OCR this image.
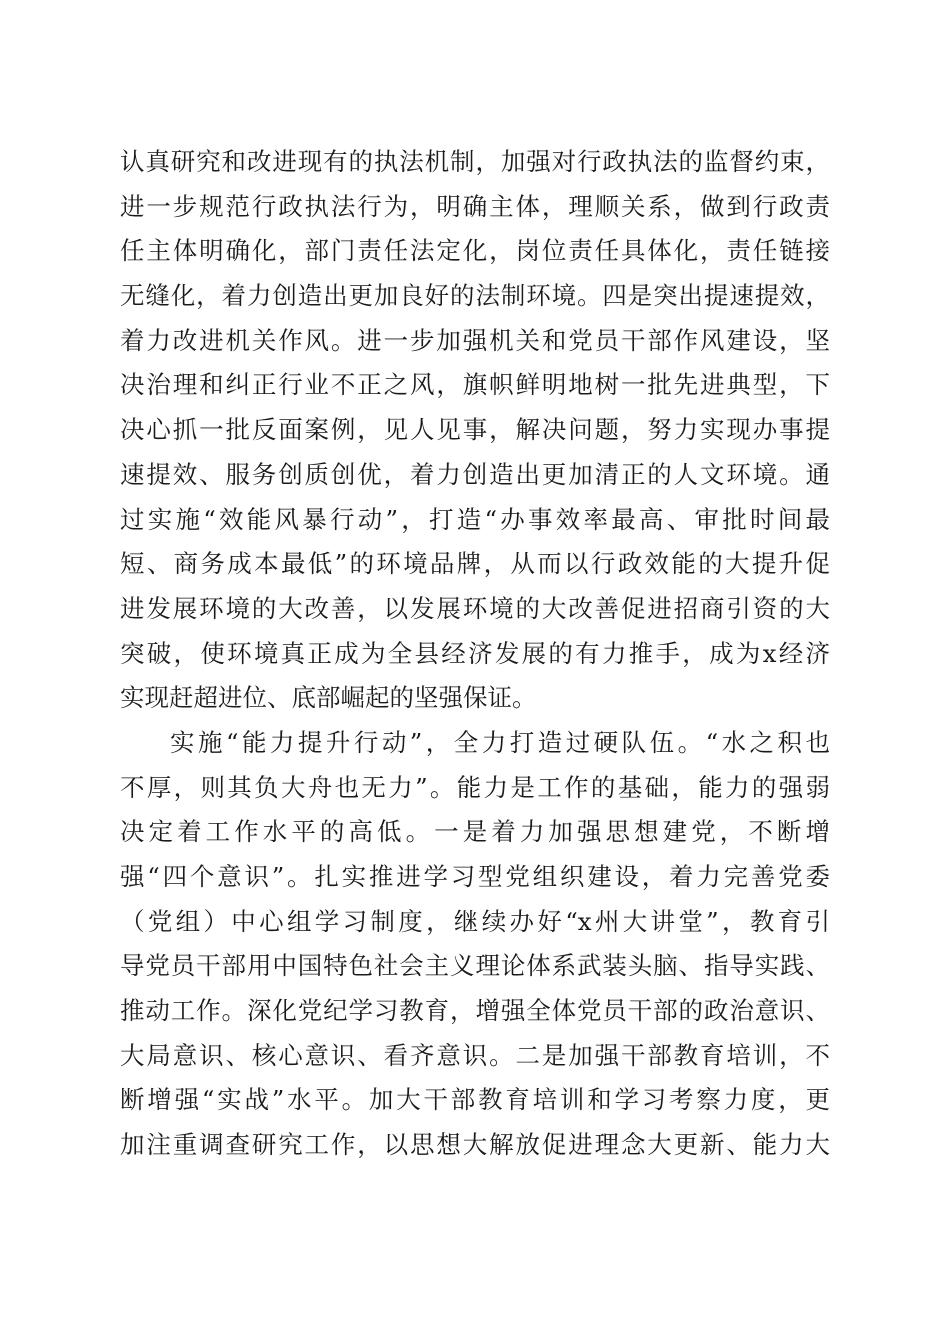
认真研究和改进现有的执法机制，加强对行政执法的监督约束，
进一步规范行政执法行为，明确主体，理顺关系，做到行政责
任主体明确化，部门责任法定化，岗位责任具体化，责任链接
无缝化，着力创造出更加良好的法制环境。四是突出提速提效，
着力改进机关作风。进一步加强机关和党员干部作风建设，坚
决治理和纠正行业不正之风，旗帜鲜明地树一批先进典型，下
决心抓一批反面案例，见人见事，解决问题，努力实现办事提
速提效、服务创质创优，着力创造出更加清正的人文环境。通
过实施“效能风暴行动”，打造“办事效率最高、审批时间最
短、商务成本最低”的环境品牌，从而以行政效能的大提升促
进发展环境的大改善，以发展环境的大改善促进招商引资的大
突破，使环境真正成为全县经济发展的有力推手，成为x经济
实现赶超进位、底部崛起的坚强保证。
实施“能力提升行动”，全力打造过硬队伍。“水之积也
不厚，则其负大舟也无力”。能力是工作的基础，能力的强弱
决定着工作水平的高低。一是着力加强思想建党，不断增
强“四个意识”。扎实推进学习型党组织建设，着力完善党委
（党组）中心组学习制度，继续办好“x州大讲堂”，教育引
导党员干部用中国特色社会主义理论体系武装头脑、指导实践、
推动工作。深化党纪学习教育，增强全体党员干部的政治意识、
大局意识、核心意识、看齐意识。二是加强干部教育培训，不
断增强“实战”水平。加大干部教育培训和学习考察力度，更
加注重调查研究工作，以思想大解放促进理念大更新、能力大
